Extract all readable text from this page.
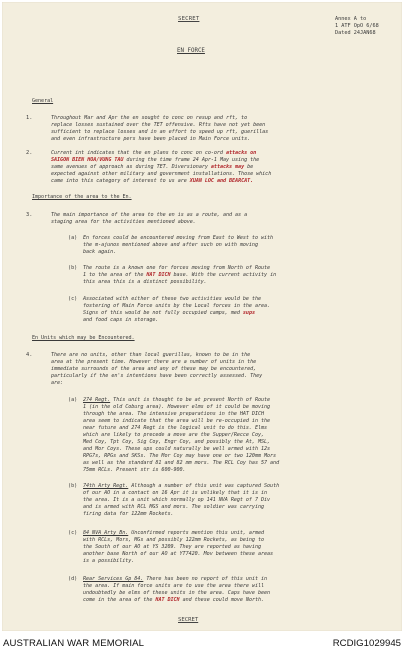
SECRET	Annex A to
1 ATF OpO 6/68
Dated 24JAN68
EN FORCE
General
1.	Throughout Mar and Apr the en sought to conc on resup and rft, to
replace losses sustained over the TET offensive. Rfts have not yet been
sufficient to replace losses and in an effort to speed up rft, guerillas
and even infrastructure pers have been placed in Main Force units.
2.	Current int indicates that the en plans to conc on co-ord attacks on
SAIGON BIEN HOA/VUNG TAU during the time frame 24 Apr-1 May using the
same avenues of approach as during TET. Diversionary attacks may be
expected against other military and government installations. Those which
came into this category of interest to us are XUAN LOC and BEARCAT.
Importance of the area to the En.
3.	The main importance of the area to the en is as a route, and as a
staging area for the activities mentioned above.
(a) En forces could be encountered moving from East to West to with
the m-ajunos mentioned above and after such on with moving
back again.
(b) The route is a known one for forces moving from North of Route
1 to the area of the HAT DICH base. With the current activity in
this area this is a distinct possibility.
(c) Associated with either of these two activities would be the
fostering of Main Force units by the Local forces in the area.
Signs of this would be not fully occupied camps, med sups
and food caps in storage.
En Units which may be Encountered.
4.	There are no units, other than local guerillas, known to be in the
area at the present time. However there are a number of units in the
immediate surrounds of the area and any of these may be encountered,
particularly if the en's intentions have been correctly assessed. They
are:
(a) 274 Regt. This unit is thought to be at present North of Route
1 (in the old Coburg area). However elms of it could be moving
through the area. The intensive preparations in the HAT DICH
area seem to indicate that the area will be re-occupied in the
near future and 274 Regt is the logical unit to do this. Elms
which are likely to precede a move are the Supper/Recce Coy,
Med Coy, Tpt Coy, Sig Coy, Engr Coy, and possibly the At, MSL,
and Mor Coys. These ups could naturally be well armed with 12s
RPG7s, RPGs and SKSs. The Mor Coy may have one or two 120mm Mors
as well as the standard 81 and 82 mm mors. The RCL Coy has 57 and
75mm RCLs. Present str is 600-900.
(b) 74th Arty Regt. Although a number of this unit was captured South
of our AO in a contact on 16 Apr it is unlikely that it is in
the area. It is a unit which normally op 141 NVA Regt of 7 Div
and is armed with RCL MGS and mors. The soldier was carrying
firing data for 122mm Rockets.
(c) 84 NVA Arty Bn. Unconfirmed reports mention this unit, armed
with RCLs, Mors, MGs and possibly 122mm Rockets, as being to
the South of our AO at YS 3209. They are reported as having
another base North of our AO at YT7420. Mov between these areas
is a possibility.
(d) Rear Services Gp 84. There has been no report of this unit in
the area. If main force units are to use the area there will
undoubtedly be elms of these units in the area. Caps have been
come in the area of the HAT DICH and these could move North.
SECRET
AUSTRALIAN WAR MEMORIAL	RCDIG1029945
